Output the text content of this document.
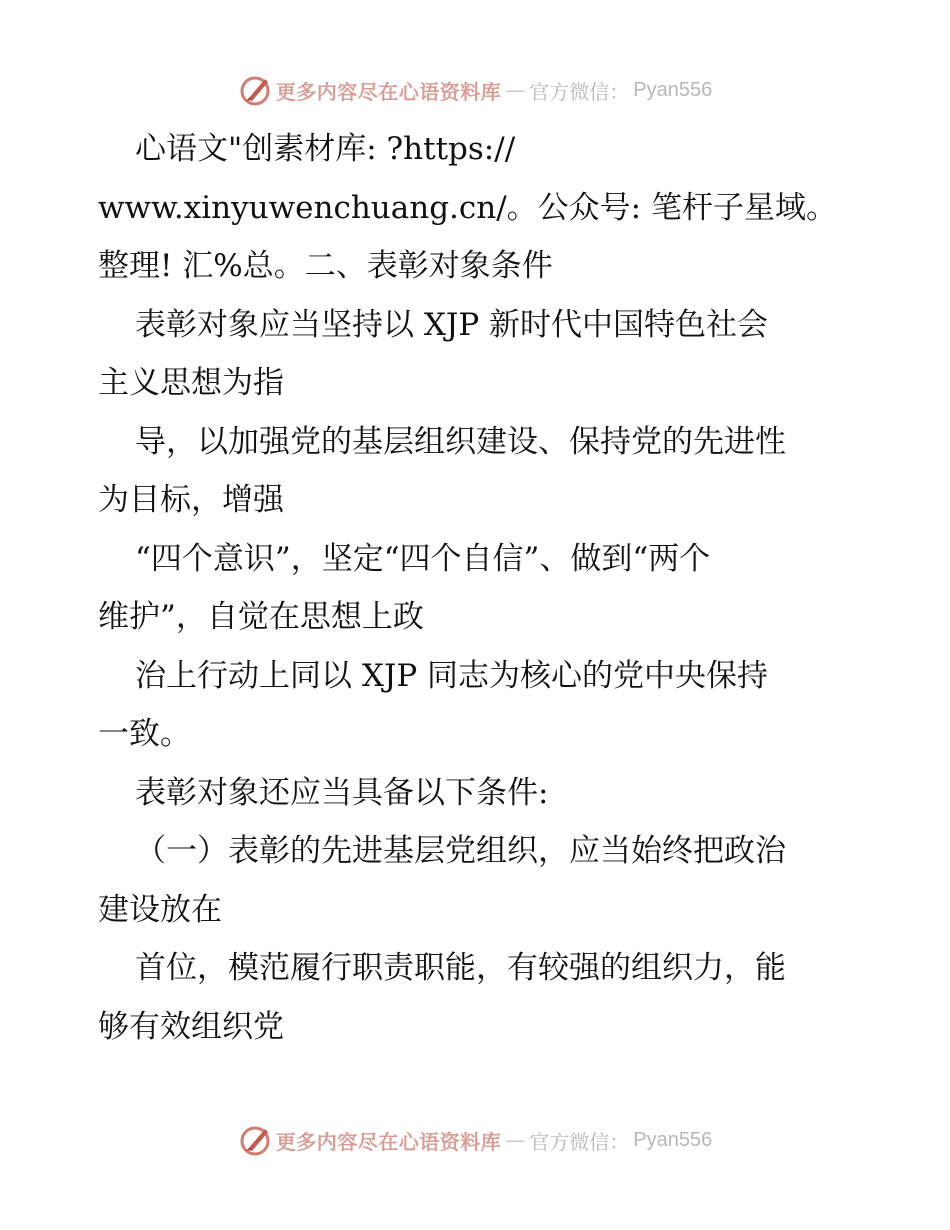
更多内容尽在心语资料库 — 官方微信： Pyan556
心语文"创素材库: ?https://
www.xinyuwenchuang.cn/。公众号: 笔杆子星域。
整理! 汇%总。二、表彰对象条件
表彰对象应当坚持以 XJP 新时代中国特色社会
主义思想为指
导，以加强党的基层组织建设、保持党的先进性
为目标，增强
“四个意识”，坚定“四个自信”、做到“两个
维护”，自觉在思想上政
治上行动上同以 XJP 同志为核心的党中央保持
一致。
表彰对象还应当具备以下条件:
（一）表彰的先进基层党组织，应当始终把政治
建设放在
首位，模范履行职责职能，有较强的组织力，能
够有效组织党
更多内容尽在心语资料库 — 官方微信： Pyan556
